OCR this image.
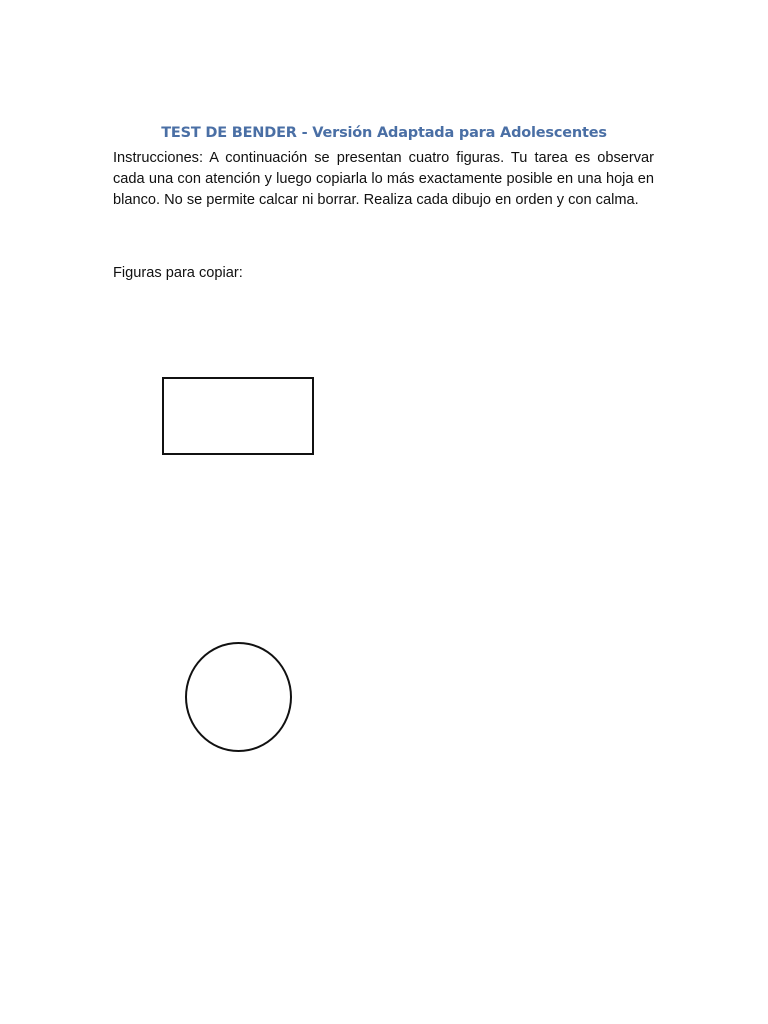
TEST DE BENDER - Versión Adaptada para Adolescentes

Instrucciones: A continuación se presentan cuatro figuras. Tu tarea es observar cada una con atención y luego copiarla lo más exactamente posible en una hoja en blanco. No se permite calcar ni borrar. Realiza cada dibujo en orden y con calma.

Figuras para copiar:
